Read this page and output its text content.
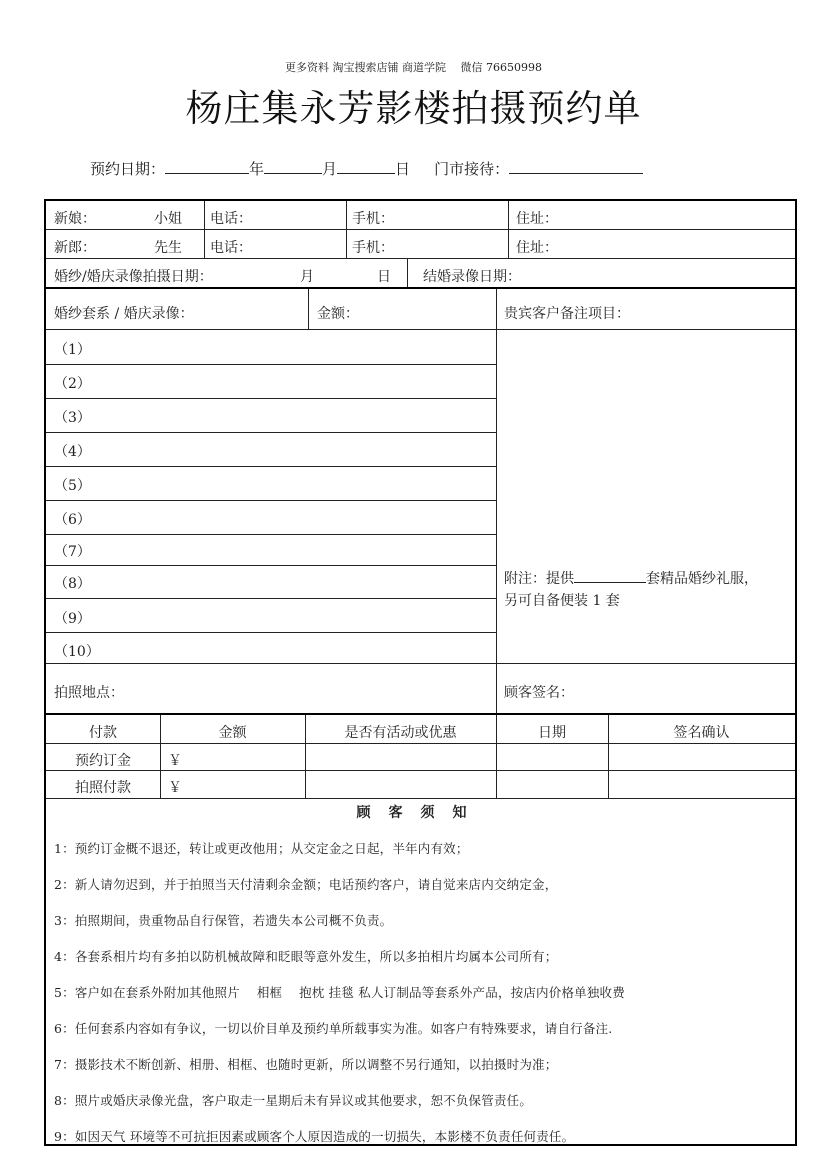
更多资料 淘宝搜索店铺 商道学院　 微信 76650998
杨庄集永芳影楼拍摄预约单
预约日期：	年	月	日 门市接待：
新娘：	小姐 电话：	手机：	住址：
新郎：	先生 电话：	手机：	住址：
婚纱/婚庆录像拍摄日期：	月	日 结婚录像日期：
婚纱套系 / 婚庆录像：	金额：	贵宾客户备注项目：
（1）
（2）
（3）
（4）
（5）
（6）
（7）
（8）
（9）
（10）
附注：提供	套精品婚纱礼服，
另可自备便装 1 套
拍照地点：	顾客签名：
付款	金额	是否有活动或优惠	日期	签名确认
预约订金	￥
拍照付款	￥
顾客须知
1：预约订金概不退还，转让或更改他用；从交定金之日起，半年内有效；
2：新人请勿迟到，并于拍照当天付清剩余金额；电话预约客户，请自觉来店内交纳定金，
3：拍照期间，贵重物品自行保管，若遗失本公司概不负责。
4：各套系相片均有多拍以防机械故障和眨眼等意外发生，所以多拍相片均属本公司所有；
5：客户如在套系外附加其他照片　 相框　 抱枕 挂毯 私人订制品等套系外产品，按店内价格单独收费
6：任何套系内容如有争议，一切以价目单及预约单所载事实为准。如客户有特殊要求，请自行备注.
7：摄影技术不断创新、相册、相框、也随时更新，所以调整不另行通知，以拍摄时为准；
8：照片或婚庆录像光盘，客户取走一星期后未有异议或其他要求，恕不负保管责任。
9：如因天气 环境等不可抗拒因素或顾客个人原因造成的一切损失，本影楼不负责任何责任。
